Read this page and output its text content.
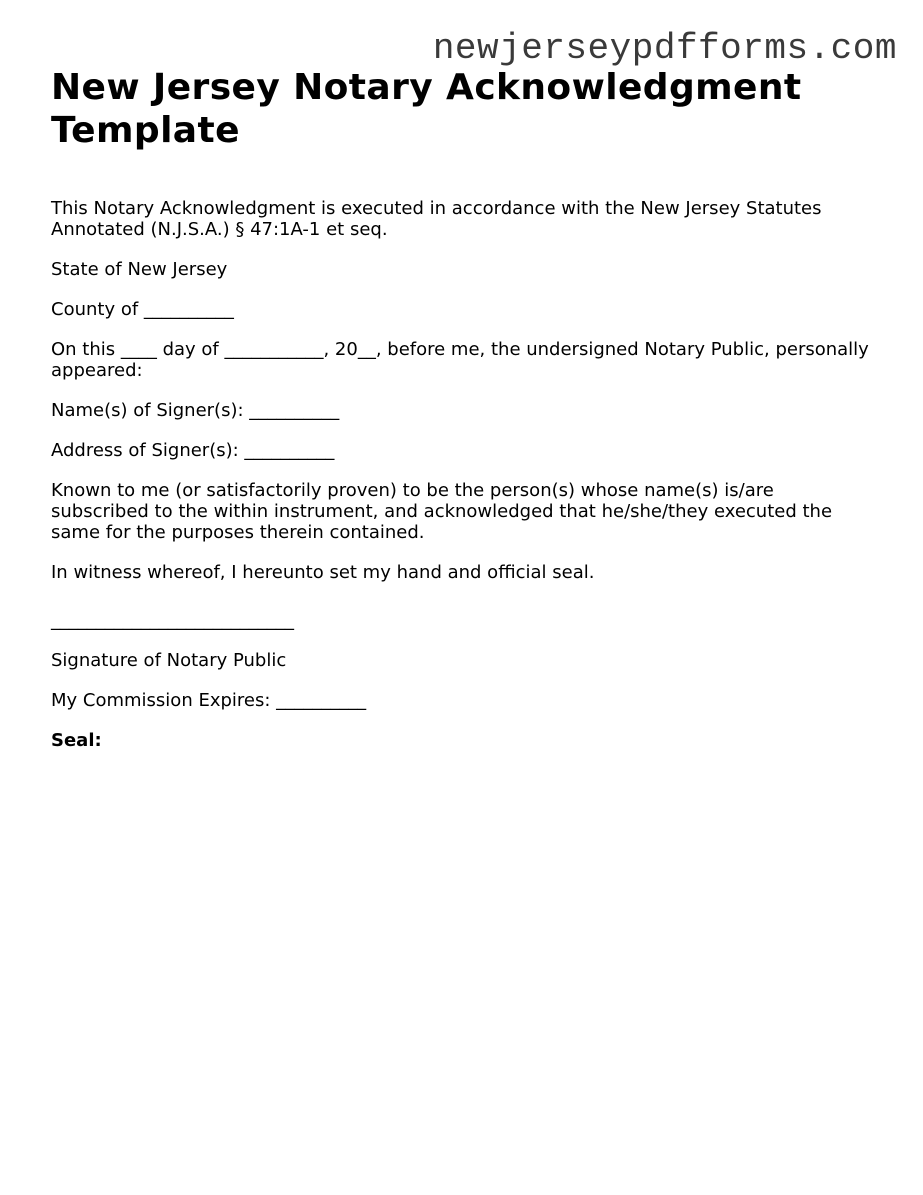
newjerseypdfforms.com
New Jersey Notary Acknowledgment Template

This Notary Acknowledgment is executed in accordance with the New Jersey Statutes Annotated (N.J.S.A.) § 47:1A-1 et seq.

State of New Jersey

County of __________

On this ____ day of ___________, 20__, before me, the undersigned Notary Public, personally appeared:

Name(s) of Signer(s): __________

Address of Signer(s): __________

Known to me (or satisfactorily proven) to be the person(s) whose name(s) is/are subscribed to the within instrument, and acknowledged that he/she/they executed the same for the purposes therein contained.

In witness whereof, I hereunto set my hand and official seal.

___________________________

Signature of Notary Public

My Commission Expires: __________

Seal:
